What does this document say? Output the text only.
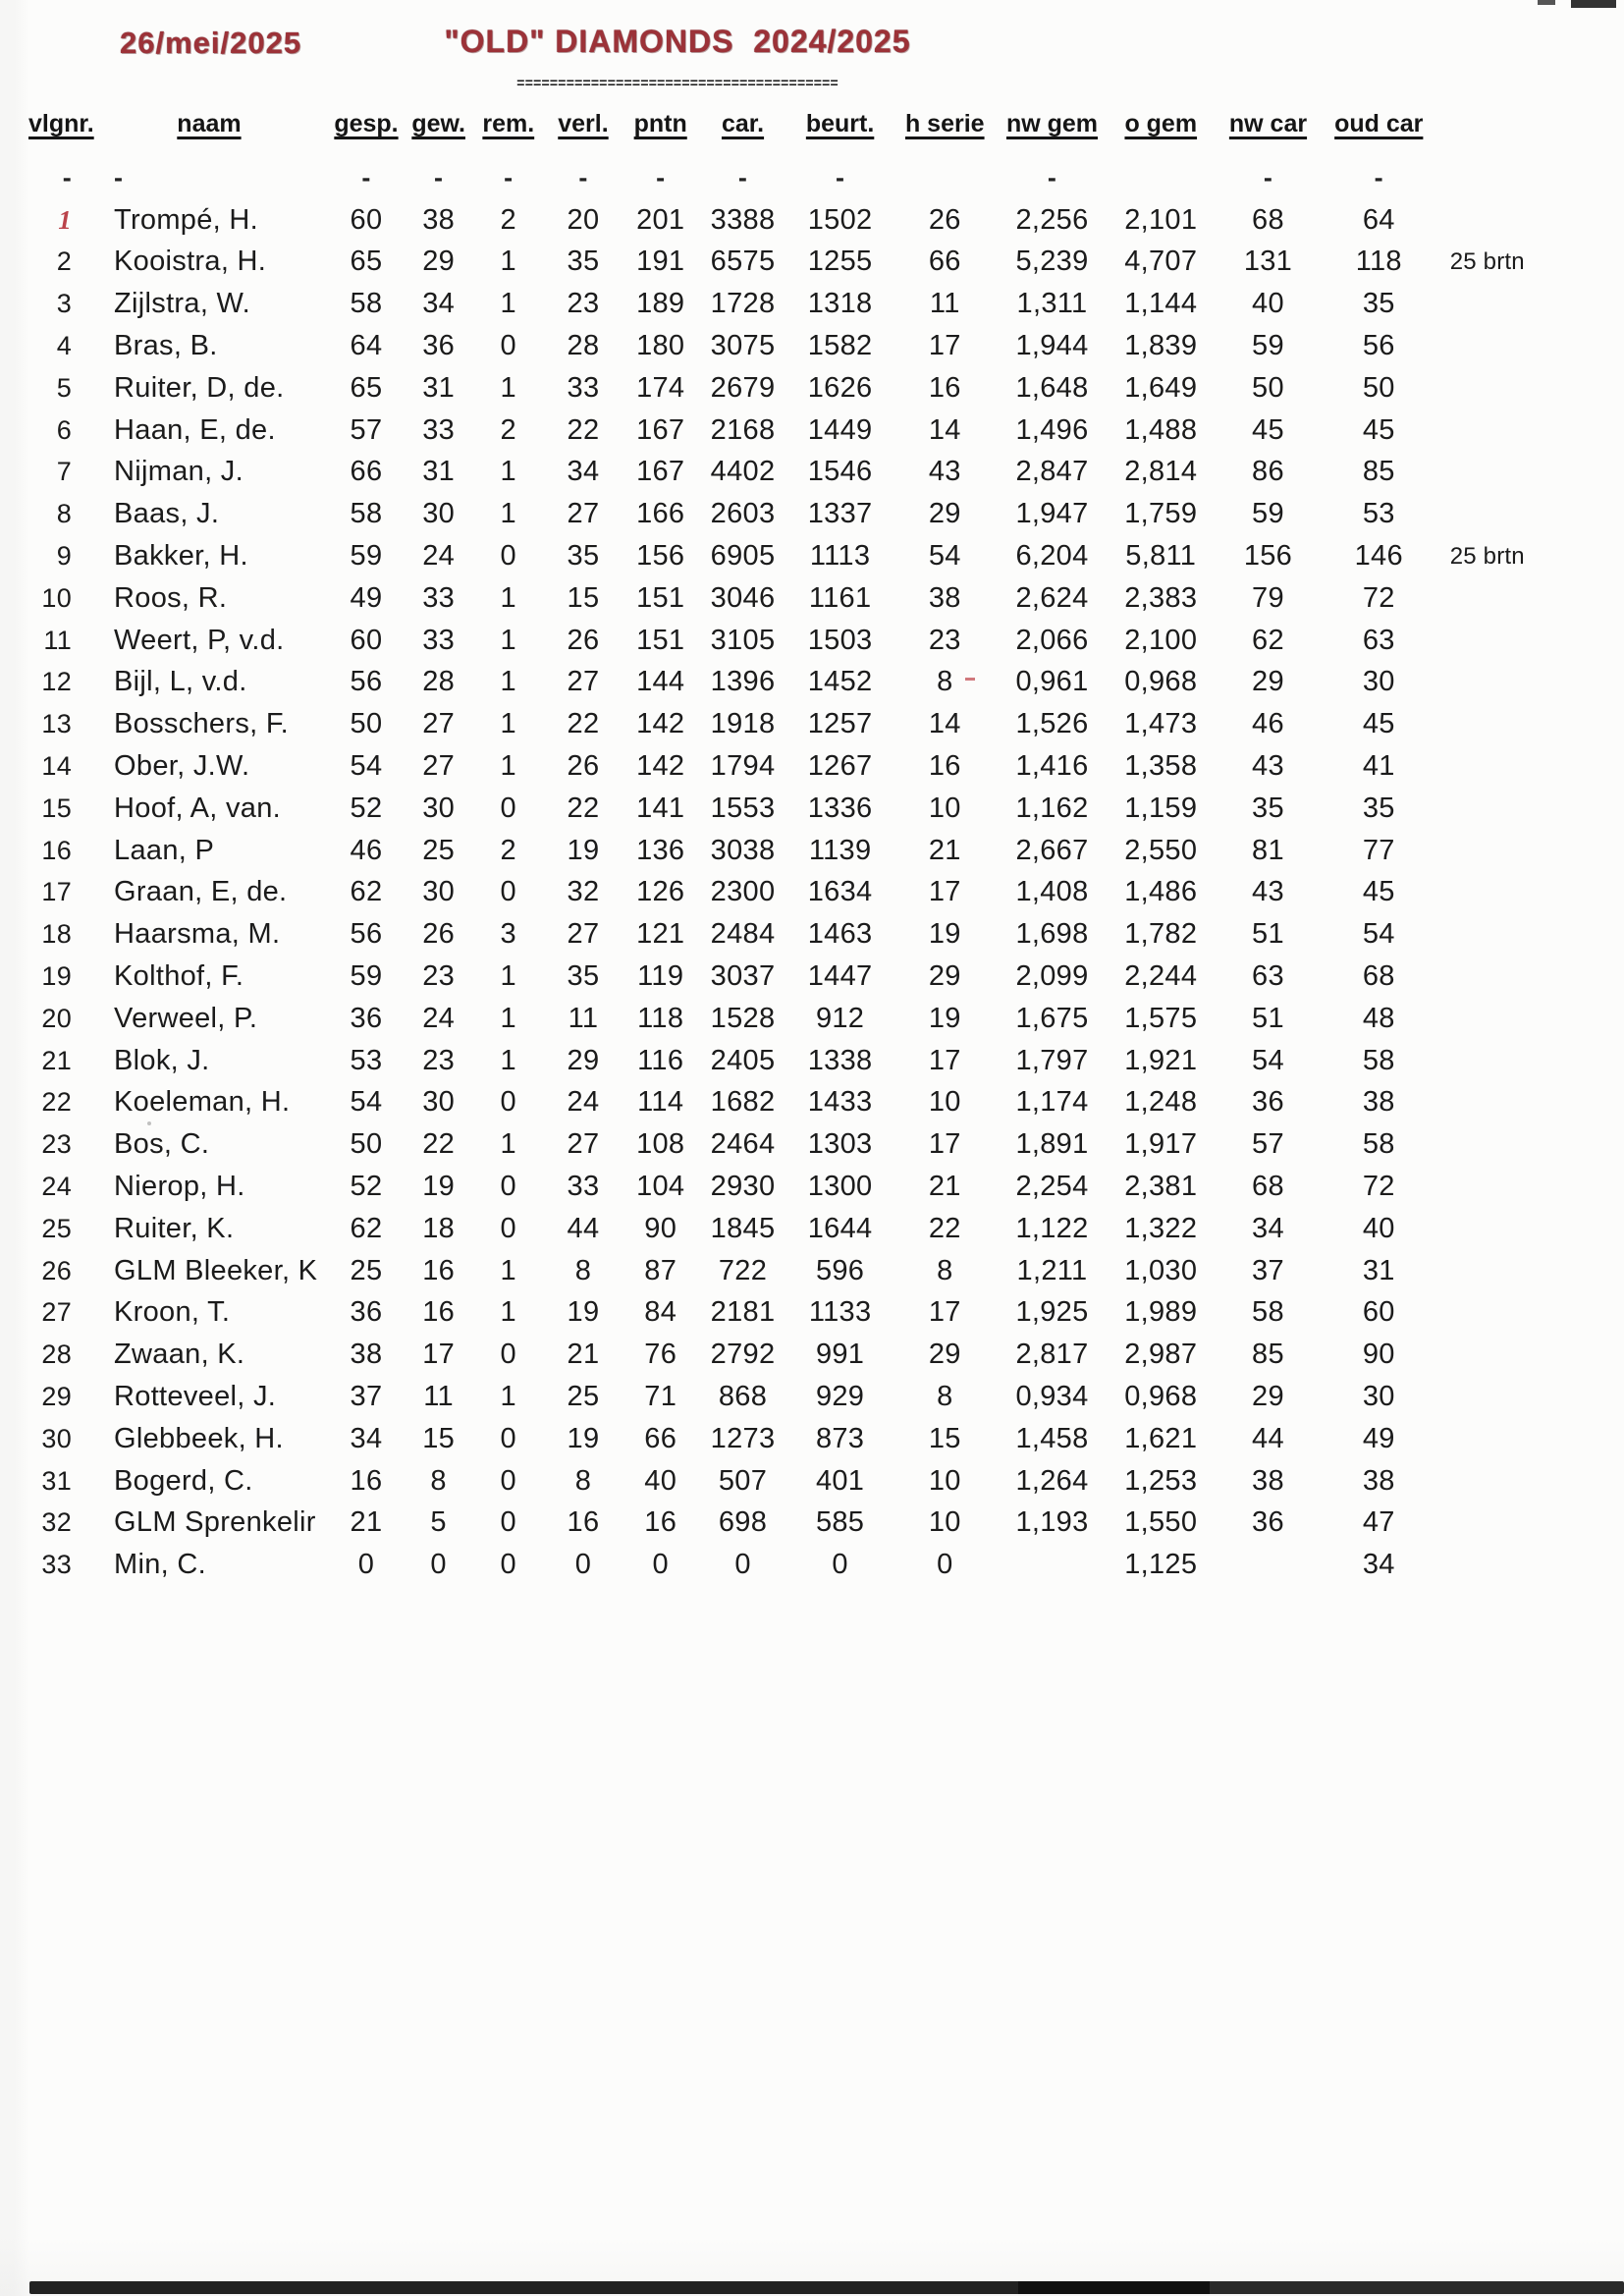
26/mei/2025	"OLD" DIAMONDS  2024/2025
=======================================
vlgnr.	naam	gesp.	gew.	rem.	verl.	pntn	car.	beurt.	h serie	nw gem	o gem	nw car	oud car	
-	-	-	-	-	-	-	-	-		-		-	-	
1	Trompé, H.	60	38	2	20	201	3388	1502	26	2,256	2,101	68	64	
2	Kooistra, H.	65	29	1	35	191	6575	1255	66	5,239	4,707	131	118	25 brtn
3	Zijlstra, W.	58	34	1	23	189	1728	1318	11	1,311	1,144	40	35	
4	Bras, B.	64	36	0	28	180	3075	1582	17	1,944	1,839	59	56	
5	Ruiter, D, de.	65	31	1	33	174	2679	1626	16	1,648	1,649	50	50	
6	Haan, E, de.	57	33	2	22	167	2168	1449	14	1,496	1,488	45	45	
7	Nijman, J.	66	31	1	34	167	4402	1546	43	2,847	2,814	86	85	
8	Baas, J.	58	30	1	27	166	2603	1337	29	1,947	1,759	59	53	
9	Bakker, H.	59	24	0	35	156	6905	1113	54	6,204	5,811	156	146	25 brtn
10	Roos, R.	49	33	1	15	151	3046	1161	38	2,624	2,383	79	72	
11	Weert, P, v.d.	60	33	1	26	151	3105	1503	23	2,066	2,100	62	63	
12	Bijl, L, v.d.	56	28	1	27	144	1396	1452	8	0,961	0,968	29	30	
13	Bosschers, F.	50	27	1	22	142	1918	1257	14	1,526	1,473	46	45	
14	Ober, J.W.	54	27	1	26	142	1794	1267	16	1,416	1,358	43	41	
15	Hoof, A, van.	52	30	0	22	141	1553	1336	10	1,162	1,159	35	35	
16	Laan, P	46	25	2	19	136	3038	1139	21	2,667	2,550	81	77	
17	Graan, E, de.	62	30	0	32	126	2300	1634	17	1,408	1,486	43	45	
18	Haarsma, M.	56	26	3	27	121	2484	1463	19	1,698	1,782	51	54	
19	Kolthof, F.	59	23	1	35	119	3037	1447	29	2,099	2,244	63	68	
20	Verweel, P.	36	24	1	11	118	1528	912	19	1,675	1,575	51	48	
21	Blok, J.	53	23	1	29	116	2405	1338	17	1,797	1,921	54	58	
22	Koeleman, H.	54	30	0	24	114	1682	1433	10	1,174	1,248	36	38	
23	Bos, C.	50	22	1	27	108	2464	1303	17	1,891	1,917	57	58	
24	Nierop, H.	52	19	0	33	104	2930	1300	21	2,254	2,381	68	72	
25	Ruiter, K.	62	18	0	44	90	1845	1644	22	1,122	1,322	34	40	
26	GLM Bleeker, K	25	16	1	8	87	722	596	8	1,211	1,030	37	31	
27	Kroon, T.	36	16	1	19	84	2181	1133	17	1,925	1,989	58	60	
28	Zwaan, K.	38	17	0	21	76	2792	991	29	2,817	2,987	85	90	
29	Rotteveel, J.	37	11	1	25	71	868	929	8	0,934	0,968	29	30	
30	Glebbeek, H.	34	15	0	19	66	1273	873	15	1,458	1,621	44	49	
31	Bogerd, C.	16	8	0	8	40	507	401	10	1,264	1,253	38	38	
32	GLM Sprenkelir	21	5	0	16	16	698	585	10	1,193	1,550	36	47	
33	Min, C.	0	0	0	0	0	0	0	0		1,125		34	
